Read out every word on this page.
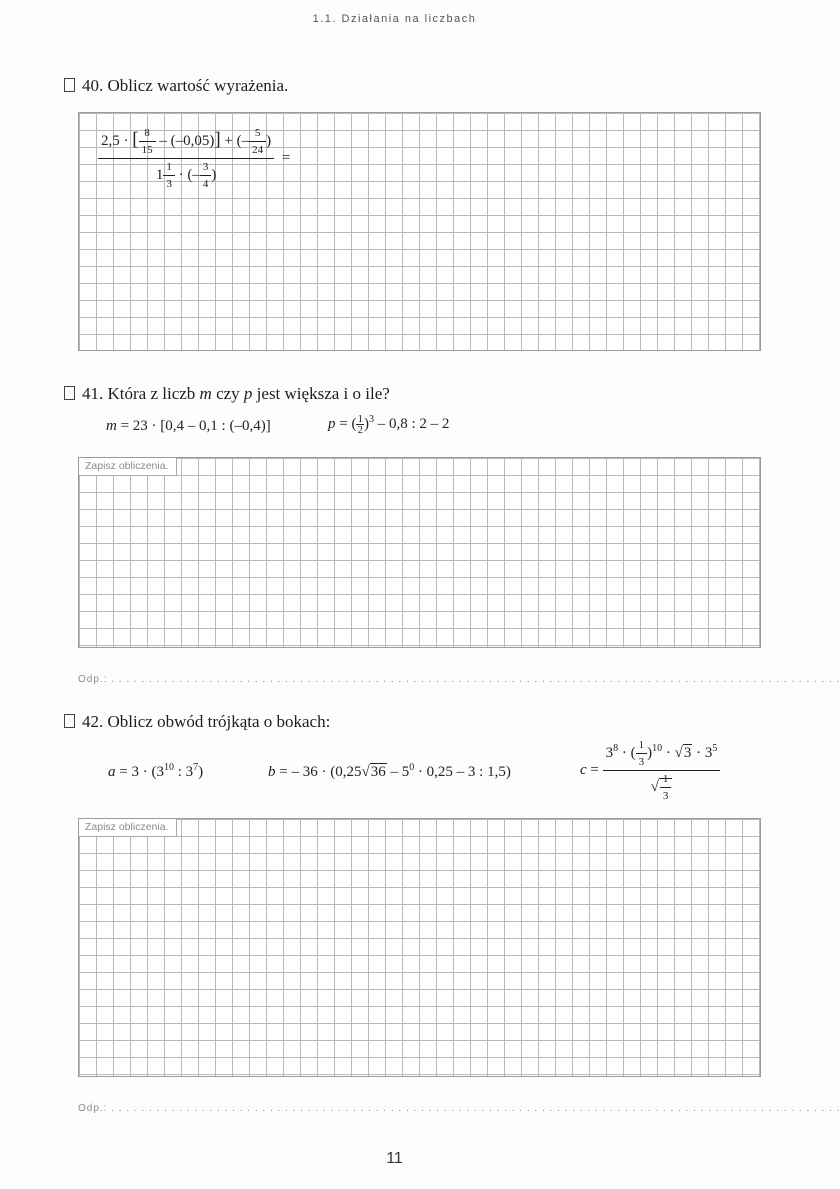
1.1. Działania na liczbach
40. Oblicz wartość wyrażenia.
$\frac{2,5 \cdot [ \frac{8}{15} - (-0,05)] + (- \frac{5}{24} )}{1 \frac{1}{3} \cdot (- \frac{3}{4} )}$ =
41. Która z liczb m czy p jest większa i o ile?
m = 23 · [0,4 – 0,1 : (–0,4)]	p = ( $\frac{1}{2} )^3 - 0,8$ : 2 – 2
Zapisz obliczenia.
Odp.: . . . . . . . . . . . . . . . . . . . . . . . . . . . . . . . . . . . . . . . . . . . . . . . . . . . . . . . . . . . . . . . . . . . . . . . . . . . . . . . . . . . . . . . . . . . . . . . . .
42. Oblicz obwód trójkąta o bokach:
$a = 3 \cdot (3^{10}$ : $3^7$)	b = – $36 \cdot (0,25√36 - 5^0 \cdot 0,25 - 3$ : 1,5)	$c = \frac{3^8 \cdot ( \frac{1}{3} )^{10} \cdot √3 \cdot 3^5}{√ \frac{1}{3}}$
Zapisz obliczenia.
Odp.: . . . . . . . . . . . . . . . . . . . . . . . . . . . . . . . . . . . . . . . . . . . . . . . . . . . . . . . . . . . . . . . . . . . . . . . . . . . . . . . . . . . . . . . . . . . . . . . . .
11
